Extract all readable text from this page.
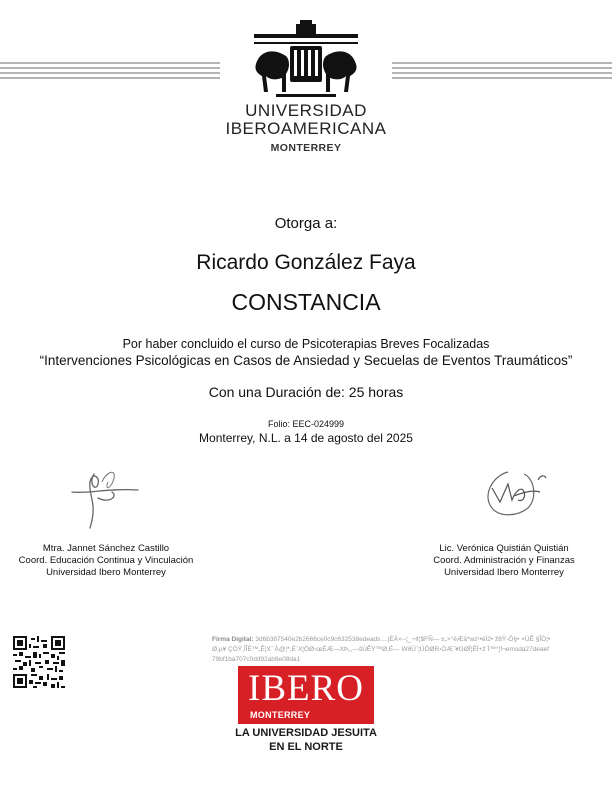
UNIVERSIDAD
IBEROAMERICANA
MONTERREY
Otorga a:
Ricardo González Faya
CONSTANCIA
Por haber concluido el curso de Psicoterapias Breves Focalizadas
“Intervenciones Psicológicas en Casos de Ansiedad y Secuelas de Eventos Traumáticos”
Con una Duración de: 25 horas
Folio: EEC-024999
Monterrey, N.L. a 14 de agosto del 2025
Mtra. Jannet Sánchez Castillo
Coord. Educación Continua y Vinculación
Universidad Ibero Monterrey
Lic. Verónica Quistián Quistián
Coord. Administración y Finanzas
Universidad Ibero Monterrey
Firma Digital: 3d6b387540e2b2666ce0c9c632538edeads....|ÉÀ×--¦_¬¢¦$FÑ— ±„×°ëÆâ*wz¹•éÏ2• ž8Ÿ-Ô§• ×ÙÊ §ÎÒ¦• Ø,µ¥ ÇÖŸ,ÎÎÉ™„Ê¦X¯À@¦*,Ë¨X¦ÖØ›œÉÆ—XÞ„,—šÙÊŸ™Ø,É— WðÛ¨¦ÚÖØR›ÒÆ¨¥GØÎ¦ÈÌ+ž¨Ì™°¦f¬emsda27deaef79bf1ba707c0dd92ab8e08da1
IBERO
MONTERREY
LA UNIVERSIDAD JESUITA
EN EL NORTE
